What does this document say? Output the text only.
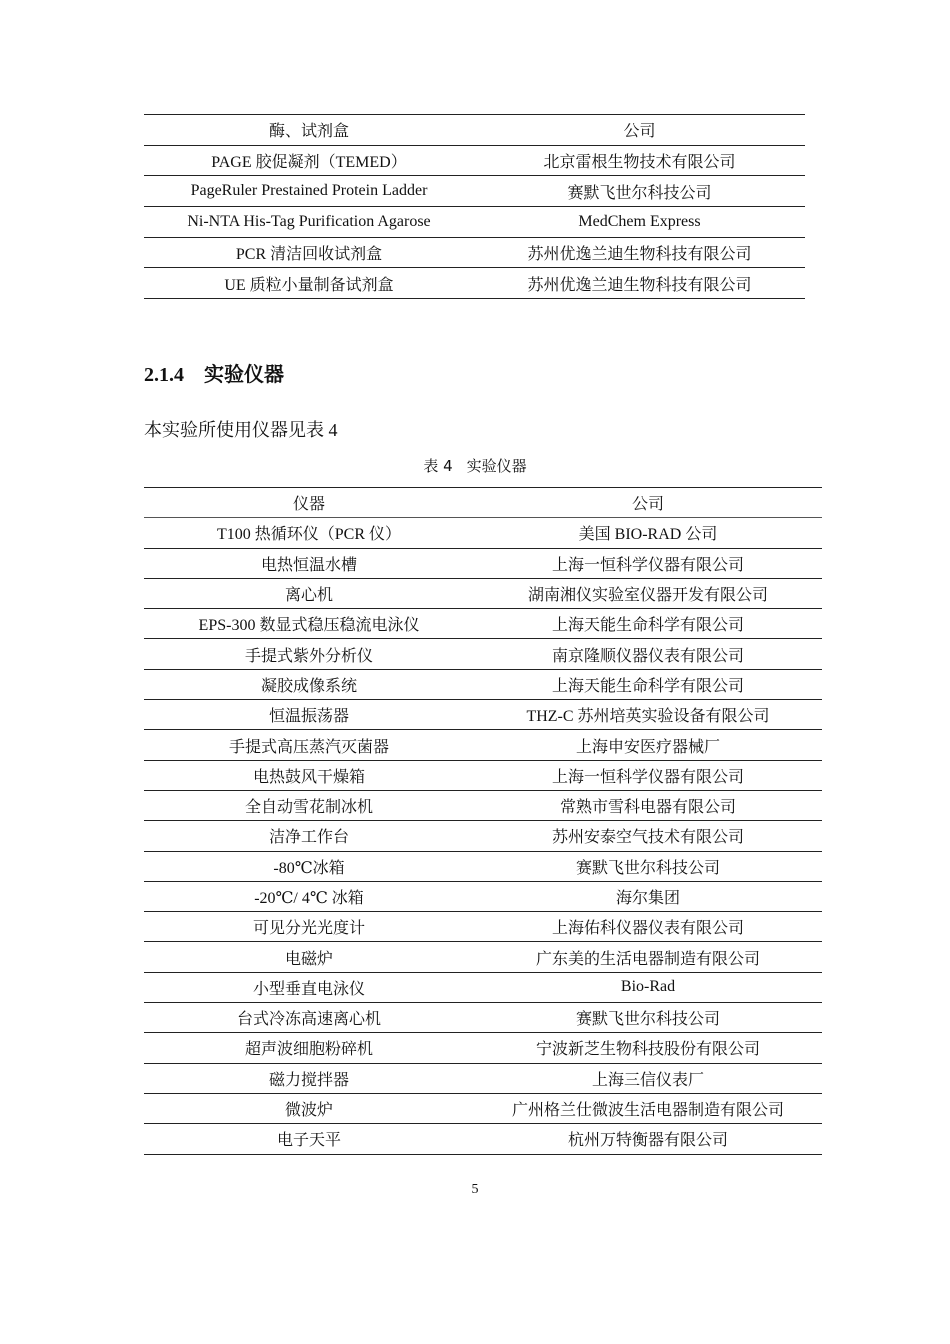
酶、试剂盒	公司
PAGE 胶促凝剂（TEMED）	北京雷根生物技术有限公司
PageRuler Prestained Protein Ladder	赛默飞世尔科技公司
Ni-NTA His-Tag Purification Agarose	MedChem Express
PCR 清洁回收试剂盒	苏州优逸兰迪生物科技有限公司
UE 质粒小量制备试剂盒	苏州优逸兰迪生物科技有限公司
2.1.4 实验仪器
本实验所使用仪器见表 4
表 4 实验仪器
仪器	公司
T100 热循环仪（PCR 仪）	美国 BIO-RAD 公司
电热恒温水槽	上海一恒科学仪器有限公司
离心机	湖南湘仪实验室仪器开发有限公司
EPS-300 数显式稳压稳流电泳仪	上海天能生命科学有限公司
手提式紫外分析仪	南京隆顺仪器仪表有限公司
凝胶成像系统	上海天能生命科学有限公司
恒温振荡器	THZ-C 苏州培英实验设备有限公司
手提式高压蒸汽灭菌器	上海申安医疗器械厂
电热鼓风干燥箱	上海一恒科学仪器有限公司
全自动雪花制冰机	常熟市雪科电器有限公司
洁净工作台	苏州安泰空气技术有限公司
-80℃冰箱	赛默飞世尔科技公司
-20℃/ 4℃ 冰箱	海尔集团
可见分光光度计	上海佑科仪器仪表有限公司
电磁炉	广东美的生活电器制造有限公司
小型垂直电泳仪	Bio-Rad
台式冷冻高速离心机	赛默飞世尔科技公司
超声波细胞粉碎机	宁波新芝生物科技股份有限公司
磁力搅拌器	上海三信仪表厂
微波炉	广州格兰仕微波生活电器制造有限公司
电子天平	杭州万特衡器有限公司
5
